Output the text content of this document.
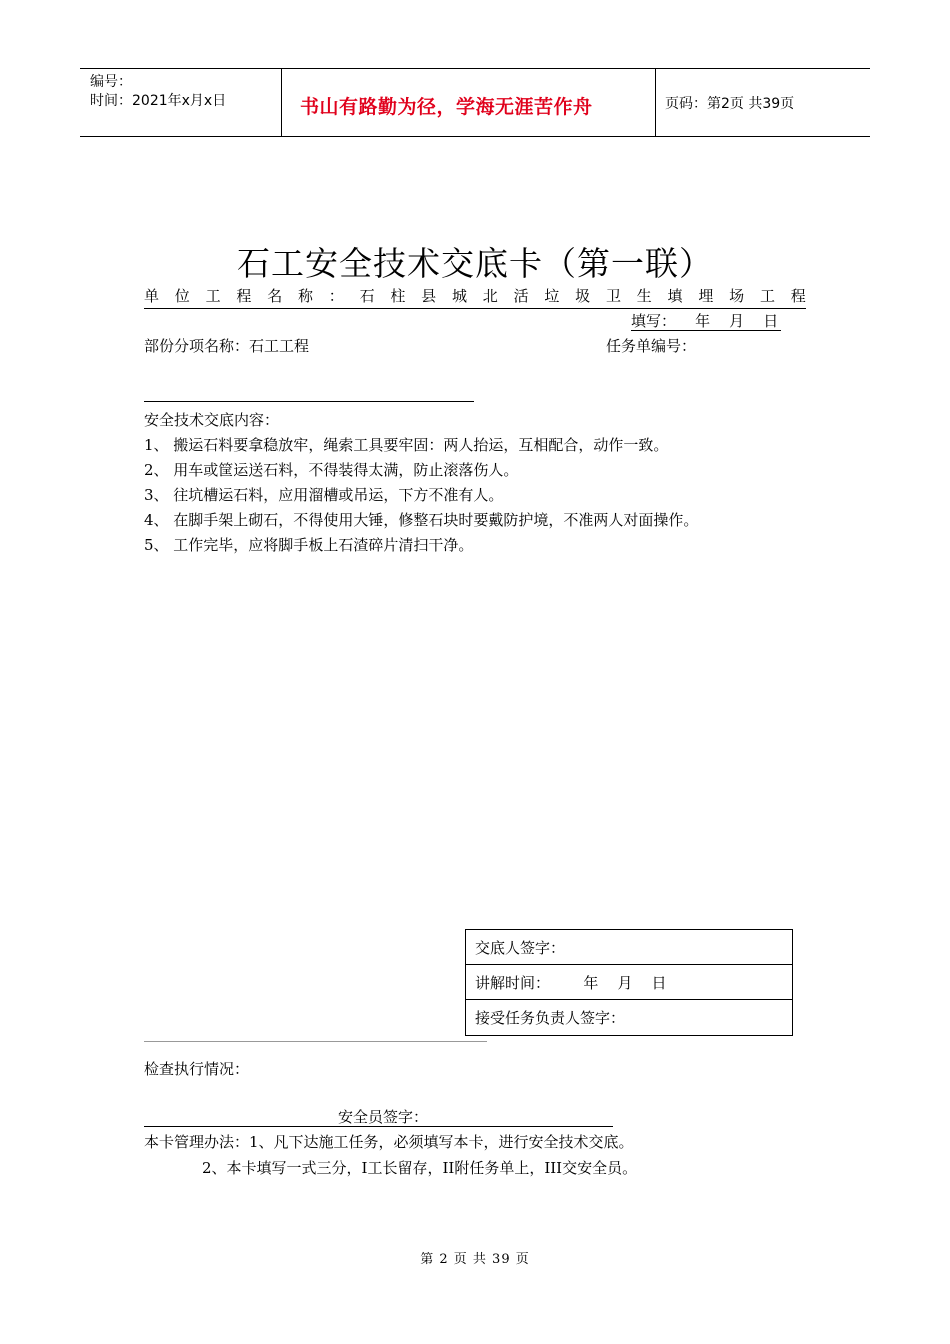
编号：
时间：2021年x月x日	书山有路勤为径，学海无涯苦作舟	页码：第2页 共39页
石工安全技术交底卡（第一联）
单 位 工 程 名 称 ： 石 柱 县 城 北 活 垃 圾 卫 生 填 埋 场 工 程
填写：    年    月    日
部份分项名称：石工工程	任务单编号：
安全技术交底内容：
1、 搬运石料要拿稳放牢，绳索工具要牢固：两人抬运，互相配合，动作一致。
2、 用车或筐运送石料，不得装得太满，防止滚落伤人。
3、 往坑槽运石料，应用溜槽或吊运，下方不准有人。
4、 在脚手架上砌石，不得使用大锤，修整石块时要戴防护境，不准两人对面操作。
5、 工作完毕，应将脚手板上石渣碎片清扫干净。
交底人签字：
讲解时间：       年    月    日
接受任务负责人签字：
检查执行情况：
安全员签字：
本卡管理办法：1、凡下达施工任务，必须填写本卡，进行安全技术交底。
2、本卡填写一式三分，I工长留存，II附任务单上，III交安全员。
第 2 页 共 39 页
